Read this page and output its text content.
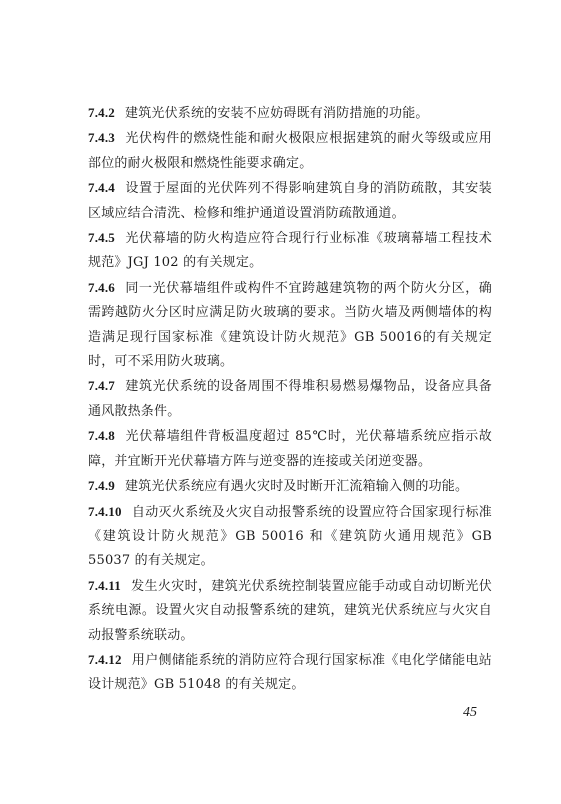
7.4.2 建筑光伏系统的安装不应妨碍既有消防措施的功能。

7.4.3 光伏构件的燃烧性能和耐火极限应根据建筑的耐火等级或应用部位的耐火极限和燃烧性能要求确定。

7.4.4 设置于屋面的光伏阵列不得影响建筑自身的消防疏散，其安装区域应结合清洗、检修和维护通道设置消防疏散通道。

7.4.5 光伏幕墙的防火构造应符合现行行业标准《玻璃幕墙工程技术规范》JGJ 102 的有关规定。

7.4.6 同一光伏幕墙组件或构件不宜跨越建筑物的两个防火分区，确需跨越防火分区时应满足防火玻璃的要求。当防火墙及两侧墙体的构造满足现行国家标准《建筑设计防火规范》GB 50016的有关规定时，可不采用防火玻璃。

7.4.7 建筑光伏系统的设备周围不得堆积易燃易爆物品，设备应具备通风散热条件。

7.4.8 光伏幕墙组件背板温度超过 85℃时，光伏幕墙系统应指示故障，并宜断开光伏幕墙方阵与逆变器的连接或关闭逆变器。

7.4.9 建筑光伏系统应有遇火灾时及时断开汇流箱输入侧的功能。

7.4.10 自动灭火系统及火灾自动报警系统的设置应符合国家现行标准《建筑设计防火规范》GB 50016 和《建筑防火通用规范》GB 55037 的有关规定。

7.4.11 发生火灾时，建筑光伏系统控制装置应能手动或自动切断光伏系统电源。设置火灾自动报警系统的建筑，建筑光伏系统应与火灾自动报警系统联动。

7.4.12 用户侧储能系统的消防应符合现行国家标准《电化学储能电站设计规范》GB 51048 的有关规定。

45
